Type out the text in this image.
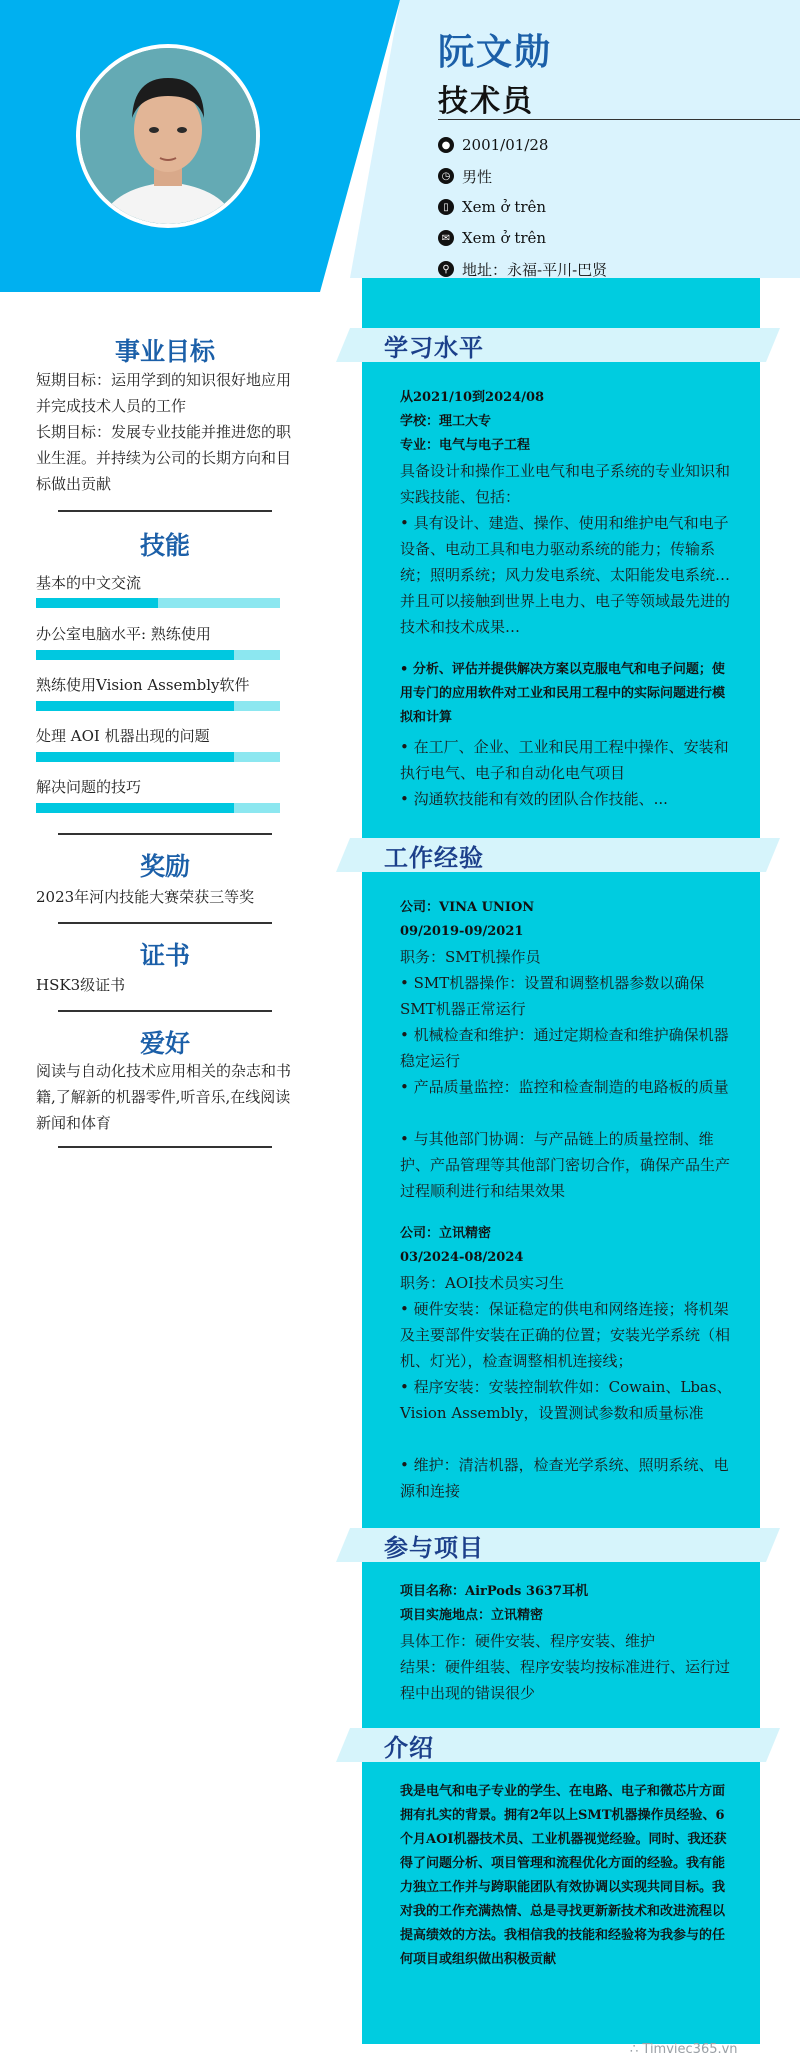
阮文勋
技术员
● 2001/01/28
◷ 男性
▯ Xem ở trên
✉ Xem ở trên
⚲ 地址：永福-平川-巴贤
事业目标
短期目标：运用学到的知识很好地应用并完成技术人员的工作
长期目标：发展专业技能并推进您的职业生涯。并持续为公司的长期方向和目标做出贡献
技能
基本的中文交流
办公室电脑水平: 熟练使用
熟练使用Vision Assembly软件
处理 AOI 机器出现的问题
解决问题的技巧
奖励
2023年河内技能大赛荣获三等奖
证书
HSK3级证书
爱好
阅读与自动化技术应用相关的杂志和书籍,了解新的机器零件,听音乐,在线阅读 新闻和体育
学习水平
从2021/10到2024/08
学校：理工大专
专业：电气与电子工程
具备设计和操作工业电气和电子系统的专业知识和实践技能、包括：
• 具有设计、建造、操作、使用和维护电气和电子设备、电动工具和电力驱动系统的能力；传输系统；照明系统；风力发电系统、太阳能发电系统…并且可以接触到世界上电力、电子等领域最先进的技术和技术成果…
• 分析、评估并提供解决方案以克服电气和电子问题；使用专门的应用软件对工业和民用工程中的实际问题进行模拟和计算
• 在工厂、企业、工业和民用工程中操作、安装和执行电气、电子和自动化电气项目
• 沟通软技能和有效的团队合作技能、...
工作经验
公司：VINA UNION
09/2019-09/2021
职务：SMT机操作员
• SMT机器操作：设置和调整机器参数以确保SMT机器正常运行
• 机械检查和维护：通过定期检查和维护确保机器稳定运行
• 产品质量监控：监控和检查制造的电路板的质量
• 与其他部门协调：与产品链上的质量控制、维护、产品管理等其他部门密切合作，确保产品生产过程顺利进行和结果效果
公司：立讯精密
03/2024-08/2024
职务：AOI技术员实习生
• 硬件安装：保证稳定的供电和网络连接；将机架及主要部件安装在正确的位置；安装光学系统（相机、灯光），检查调整相机连接线；
• 程序安装：安装控制软件如：Cowain、Lbas、Vision Assembly，设置测试参数和质量标准
• 维护：清洁机器，检查光学系统、照明系统、电源和连接
参与项目
项目名称：AirPods 3637耳机
项目实施地点：立讯精密
具体工作：硬件安装、程序安装、维护
结果：硬件组装、程序安装均按标准进行、运行过程中出现的错误很少
介绍
我是电气和电子专业的学生、在电路、电子和微芯片方面拥有扎实的背景。拥有2年以上SMT机器操作员经验、6个月AOI机器技术员、工业机器视觉经验。同时、我还获得了问题分析、项目管理和流程优化方面的经验。我有能力独立工作并与跨职能团队有效协调以实现共同目标。我对我的工作充满热情、总是寻找更新新技术和改进流程以提高绩效的方法。我相信我的技能和经验将为我参与的任何项目或组织做出积极贡献
∴ Timviec365.vn
